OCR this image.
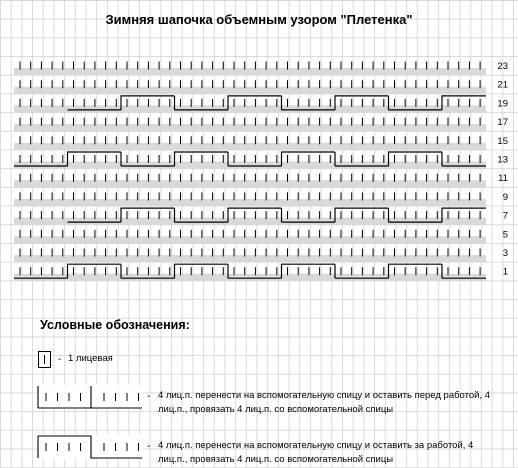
Зимняя шапочка объемным узором "Плетенка"
23
21
19
17
15
13
11
9
7
5
3
1
Условные обозначения:
- 1 лицевая
- 4 лиц.п. перенести на вспомогательную спицу и оставить перед работой, 4
лиц.п., провязать 4 лиц.п. со вспомогательной спицы
- 4 лиц.п. перенести на вспомогательную спицу и оставить за работой, 4
лиц.п., провязать 4 лиц.п. со вспомогательной спицы
